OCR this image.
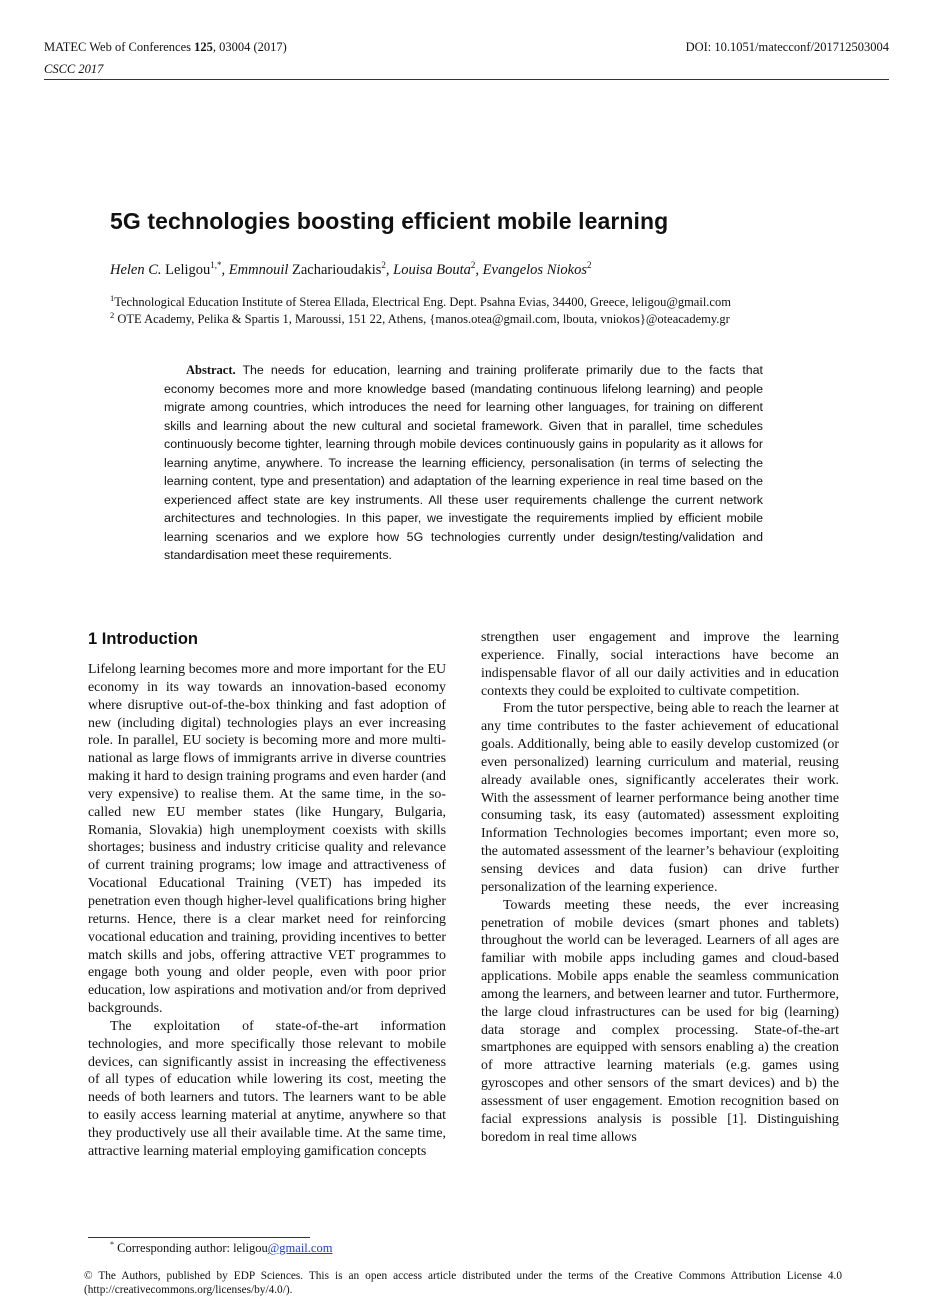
MATEC Web of Conferences 125, 03004 (2017)	DOI: 10.1051/matecconf/201712503004
CSCC 2017
5G technologies boosting efficient mobile learning
Helen C. Leligou$^{1,*}$, Emmnouil Zacharioudakis$^2$, Louisa Bouta$^2$, Evangelos Niokos$^2$
$^1$Technological Education Institute of Sterea Ellada, Electrical Eng. Dept. Psahna Evias, 34400, Greece, leligou@gmail.com
$^2$ OTE Academy, Pelika & Spartis 1, Maroussi, 151 22, Athens, {manos.otea@gmail.com, lbouta, vniokos}@oteacademy.gr
Abstract. The needs for education, learning and training proliferate primarily due to the facts that economy becomes more and more knowledge based (mandating continuous lifelong learning) and people migrate among countries, which introduces the need for learning other languages, for training on different skills and learning about the new cultural and societal framework. Given that in parallel, time schedules continuously become tighter, learning through mobile devices continuously gains in popularity as it allows for learning anytime, anywhere. To increase the learning efficiency, personalisation (in terms of selecting the learning content, type and presentation) and adaptation of the learning experience in real time based on the experienced affect state are key instruments. All these user requirements challenge the current network architectures and technologies. In this paper, we investigate the requirements implied by efficient mobile learning scenarios and we explore how 5G technologies currently under design/testing/validation and standardisation meet these requirements.
1 Introduction

Lifelong learning becomes more and more important for the EU economy in its way towards an innovation-based economy where disruptive out-of-the-box thinking and fast adoption of new (including digital) technologies plays an ever increasing role. In parallel, EU society is becoming more and more multi-national as large flows of immigrants arrive in diverse countries making it hard to design training programs and even harder (and very expensive) to realise them. At the same time, in the so-called new EU member states (like Hungary, Bulgaria, Romania, Slovakia) high unemployment coexists with skills shortages; business and industry criticise quality and relevance of current training programs; low image and attractiveness of Vocational Educational Training (VET) has impeded its penetration even though higher-level qualifications bring higher returns. Hence, there is a clear market need for reinforcing vocational education and training, providing incentives to better match skills and jobs, offering attractive VET programmes to engage both young and older people, even with poor prior education, low aspirations and motivation and/or from deprived backgrounds.

The exploitation of state-of-the-art information technologies, and more specifically those relevant to mobile devices, can significantly assist in increasing the effectiveness of all types of education while lowering its cost, meeting the needs of both learners and tutors. The learners want to be able to easily access learning material at anytime, anywhere so that they productively use all their available time. At the same time, attractive learning material employing gamification concepts

strengthen user engagement and improve the learning experience. Finally, social interactions have become an indispensable flavor of all our daily activities and in education contexts they could be exploited to cultivate competition.

From the tutor perspective, being able to reach the learner at any time contributes to the faster achievement of educational goals. Additionally, being able to easily develop customized (or even personalized) learning curriculum and material, reusing already available ones, significantly accelerates their work. With the assessment of learner performance being another time consuming task, its easy (automated) assessment exploiting Information Technologies becomes important; even more so, the automated assessment of the learner’s behaviour (exploiting sensing devices and data fusion) can drive further personalization of the learning experience.

Towards meeting these needs, the ever increasing penetration of mobile devices (smart phones and tablets) throughout the world can be leveraged. Learners of all ages are familiar with mobile apps including games and cloud-based applications. Mobile apps enable the seamless communication among the learners, and between learner and tutor. Furthermore, the large cloud infrastructures can be used for big (learning) data storage and complex processing. State-of-the-art smartphones are equipped with sensors enabling a) the creation of more attractive learning materials (e.g. games using gyroscopes and other sensors of the smart devices) and b) the assessment of user engagement. Emotion recognition based on facial expressions analysis is possible [1]. Distinguishing boredom in real time allows

* Corresponding author: leligou@gmail.com
© The Authors, published by EDP Sciences. This is an open access article distributed under the terms of the Creative Commons Attribution License 4.0 (http://creativecommons.org/licenses/by/4.0/).
